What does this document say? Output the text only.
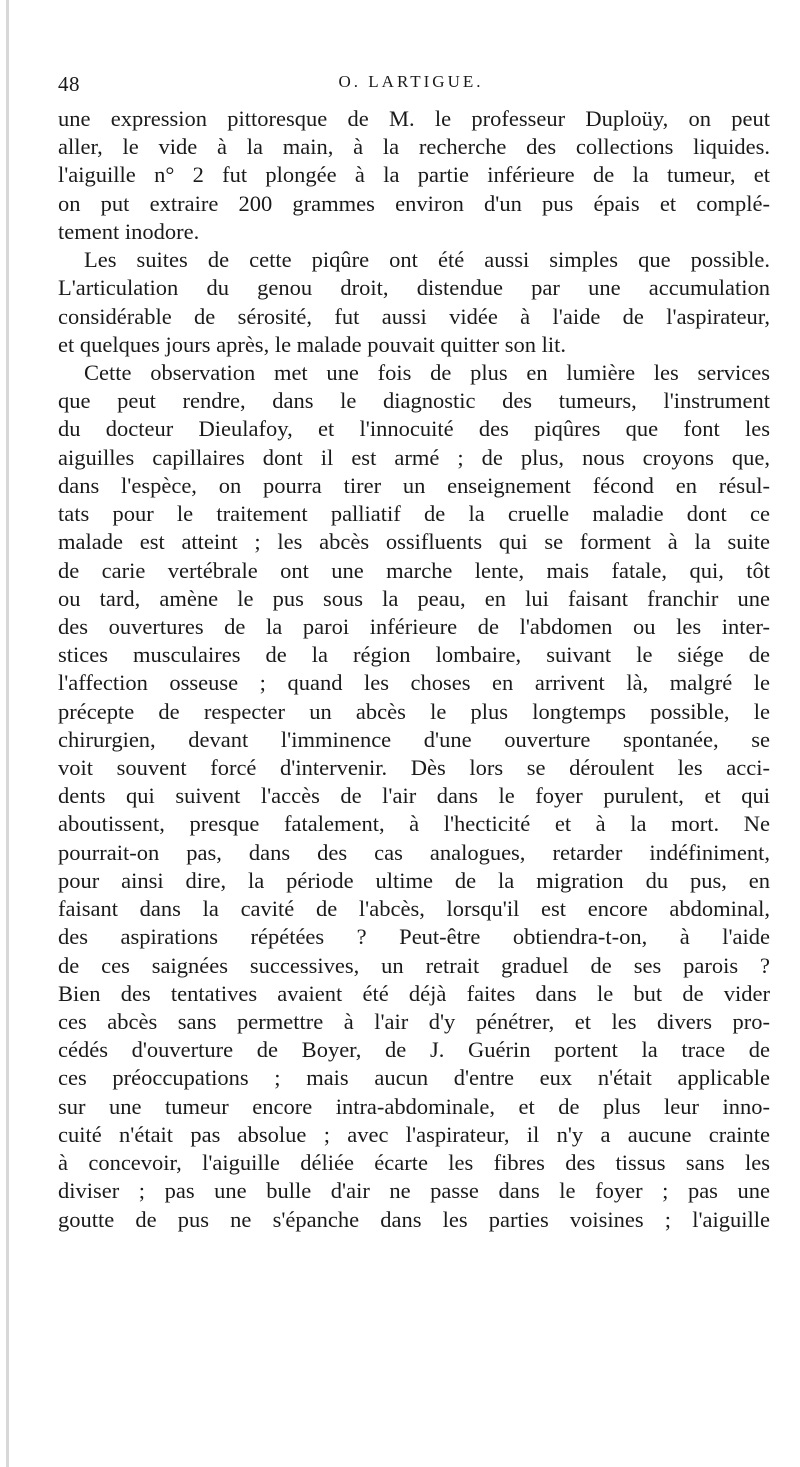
48	O. LARTIGUE.
une expression pittoresque de M. le professeur Duploüy, on peut
aller, le vide à la main, à la recherche des collections liquides.
l'aiguille n° 2 fut plongée à la partie inférieure de la tumeur, et
on put extraire 200 grammes environ d'un pus épais et complé-
tement inodore.
Les suites de cette piqûre ont été aussi simples que possible.
L'articulation du genou droit, distendue par une accumulation
considérable de sérosité, fut aussi vidée à l'aide de l'aspirateur,
et quelques jours après, le malade pouvait quitter son lit.
Cette observation met une fois de plus en lumière les services
que peut rendre, dans le diagnostic des tumeurs, l'instrument
du docteur Dieulafoy, et l'innocuité des piqûres que font les
aiguilles capillaires dont il est armé ; de plus, nous croyons que,
dans l'espèce, on pourra tirer un enseignement fécond en résul-
tats pour le traitement palliatif de la cruelle maladie dont ce
malade est atteint ; les abcès ossifluents qui se forment à la suite
de carie vertébrale ont une marche lente, mais fatale, qui, tôt
ou tard, amène le pus sous la peau, en lui faisant franchir une
des ouvertures de la paroi inférieure de l'abdomen ou les inter-
stices musculaires de la région lombaire, suivant le siége de
l'affection osseuse ; quand les choses en arrivent là, malgré le
précepte de respecter un abcès le plus longtemps possible, le
chirurgien, devant l'imminence d'une ouverture spontanée, se
voit souvent forcé d'intervenir. Dès lors se déroulent les acci-
dents qui suivent l'accès de l'air dans le foyer purulent, et qui
aboutissent, presque fatalement, à l'hecticité et à la mort. Ne
pourrait-on pas, dans des cas analogues, retarder indéfiniment,
pour ainsi dire, la période ultime de la migration du pus, en
faisant dans la cavité de l'abcès, lorsqu'il est encore abdominal,
des aspirations répétées ? Peut-être obtiendra-t-on, à l'aide
de ces saignées successives, un retrait graduel de ses parois ?
Bien des tentatives avaient été déjà faites dans le but de vider
ces abcès sans permettre à l'air d'y pénétrer, et les divers pro-
cédés d'ouverture de Boyer, de J. Guérin portent la trace de
ces préoccupations ; mais aucun d'entre eux n'était applicable
sur une tumeur encore intra-abdominale, et de plus leur inno-
cuité n'était pas absolue ; avec l'aspirateur, il n'y a aucune crainte
à concevoir, l'aiguille déliée écarte les fibres des tissus sans les
diviser ; pas une bulle d'air ne passe dans le foyer ; pas une
goutte de pus ne s'épanche dans les parties voisines ; l'aiguille
